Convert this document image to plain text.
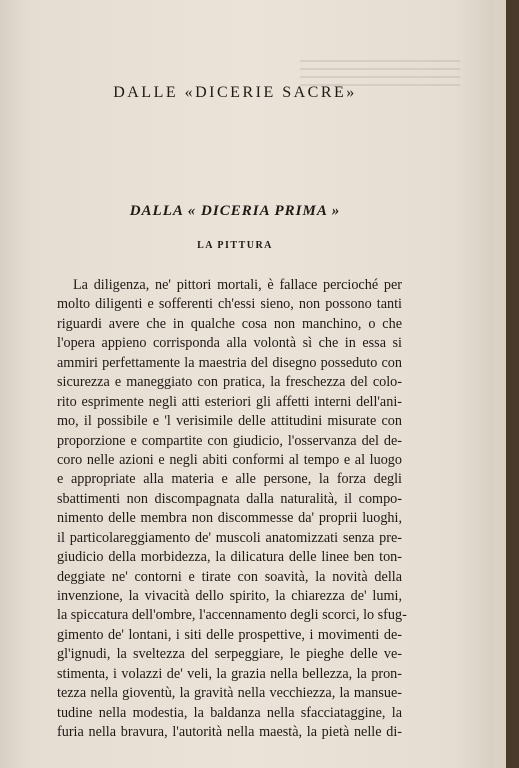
DALLE «DICERIE SACRE»
DALLA « DICERIA PRIMA »
LA PITTURA
La diligenza, ne' pittori mortali, è fallace percioché per
molto diligenti e sofferenti ch'essi sieno, non possono tanti
riguardi avere che in qualche cosa non manchino, o che
l'opera appieno corrisponda alla volontà sì che in essa si
ammiri perfettamente la maestria del disegno posseduto con
sicurezza e maneggiato con pratica, la freschezza del colo-
rito esprimente negli atti esteriori gli affetti interni dell'ani-
mo, il possibile e 'l verisimile delle attitudini misurate con
proporzione e compartite con giudicio, l'osservanza del de-
coro nelle azioni e negli abiti conformi al tempo e al luogo
e appropriate alla materia e alle persone, la forza degli
sbattimenti non discompagnata dalla naturalità, il compo-
nimento delle membra non discommesse da' proprii luoghi,
il particolareggiamento de' muscoli anatomizzati senza pre-
giudicio della morbidezza, la dilicatura delle linee ben ton-
deggiate ne' contorni e tirate con soavità, la novità della
invenzione, la vivacità dello spirito, la chiarezza de' lumi,
la spiccatura dell'ombre, l'accennamento degli scorci, lo sfug-
gimento de' lontani, i siti delle prospettive, i movimenti de-
gl'ignudi, la sveltezza del serpeggiare, le pieghe delle ve-
stimenta, i volazzi de' veli, la grazia nella bellezza, la pron-
tezza nella gioventù, la gravità nella vecchiezza, la mansue-
tudine nella modestia, la baldanza nella sfacciataggine, la
furia nella bravura, l'autorità nella maestà, la pietà nelle di-
